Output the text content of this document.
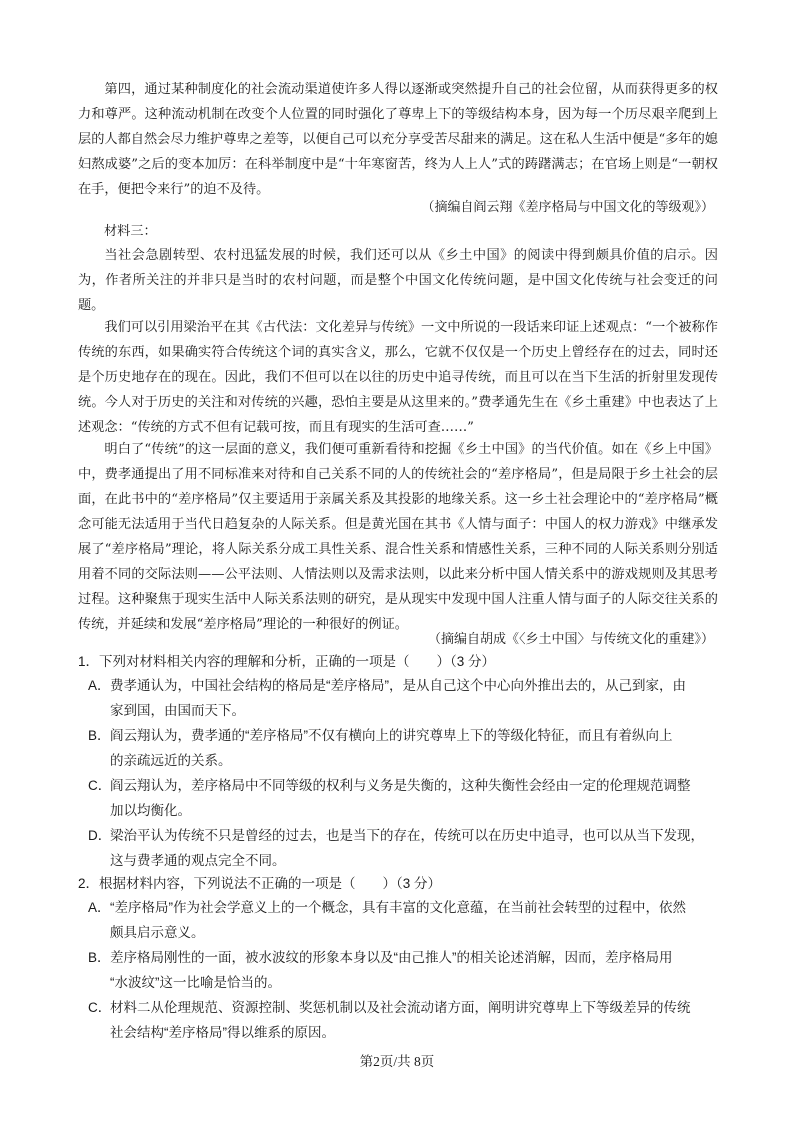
第四，通过某种制度化的社会流动渠道使许多人得以逐渐或突然提升自己的社会位留，从而获得更多的权力和尊严。这种流动机制在改变个人位置的同时强化了尊卑上下的等级结构本身，因为每一个历尽艰辛爬到上层的人都自然会尽力维护尊卑之差等，以便自己可以充分享受苦尽甜来的满足。这在私人生活中便是“多年的媳妇熬成婆”之后的变本加厉：在科举制度中是“十年寒窗苦，终为人上人”式的踌躇满志；在官场上则是“一朝权在手，便把令来行”的迫不及待。

（摘编自阎云翔《差序格局与中国文化的等级观》）

材料三：

当社会急剧转型、农村迅猛发展的时候，我们还可以从《乡土中国》的阅读中得到颇具价值的启示。因为，作者所关注的并非只是当时的农村问题，而是整个中国文化传统问题，是中国文化传统与社会变迁的问题。

我们可以引用梁治平在其《古代法：文化差异与传统》一文中所说的一段话来印证上述观点：“一个被称作传统的东西，如果确实符合传统这个词的真实含义，那么，它就不仅仅是一个历史上曾经存在的过去，同时还是个历史地存在的现在。因此，我们不但可以在以往的历史中追寻传统，而且可以在当下生活的折射里发现传统。今人对于历史的关注和对传统的兴趣，恐怕主要是从这里来的。”费孝通先生在《乡土重建》中也表达了上述观念：“传统的方式不但有记载可按，而且有现实的生活可查……”

明白了“传统”的这一层面的意义，我们便可重新看待和挖掘《乡土中国》的当代价值。如在《乡上中国》中，费孝通提出了用不同标准来对待和自己关系不同的人的传统社会的“差序格局”，但是局限于乡土社会的层面，在此书中的“差序格局”仅主要适用于亲属关系及其投影的地缘关系。这一乡土社会理论中的“差序格局”概念可能无法适用于当代日趋复杂的人际关系。但是黄光国在其书《人情与面子：中国人的权力游戏》中继承发展了“差序格局”理论，将人际关系分成工具性关系、混合性关系和情感性关系，三种不同的人际关系则分别适用着不同的交际法则——公平法则、人情法则以及需求法则，以此来分析中国人情关系中的游戏规则及其思考过程。这种聚焦于现实生活中人际关系法则的研究，是从现实中发现中国人注重人情与面子的人际交往关系的传统，并延续和发展“差序格局”理论的一种很好的例证。

（摘编自胡成《〈乡土中国〉与传统文化的重建》）

1．下列对材料相关内容的理解和分析，正确的一项是（　　）（3 分）

A．费孝通认为，中国社会结构的格局是“差序格局”，是从自己这个中心向外推出去的，从己到家，由
家到国，由国而天下。
B．阎云翔认为，费孝通的“差序格局”不仅有横向上的讲究尊卑上下的等级化特征，而且有着纵向上
的亲疏远近的关系。
C．阎云翔认为，差序格局中不同等级的权利与义务是失衡的，这种失衡性会经由一定的伦理规范调整
加以均衡化。
D．梁治平认为传统不只是曾经的过去，也是当下的存在，传统可以在历史中追寻，也可以从当下发现，
这与费孝通的观点完全不同。

2．根据材料内容，下列说法不正确的一项是（　　）（3 分）

A．“差序格局”作为社会学意义上的一个概念，具有丰富的文化意蕴，在当前社会转型的过程中，依然
颇具启示意义。
B．差序格局刚性的一面，被水波纹的形象本身以及“由己推人”的相关论述消解，因而，差序格局用
“水波纹”这一比喻是恰当的。
C．材料二从伦理规范、资源控制、奖惩机制以及社会流动诸方面，阐明讲究尊卑上下等级差异的传统
社会结构“差序格局”得以维系的原因。
第2页/共 8页
